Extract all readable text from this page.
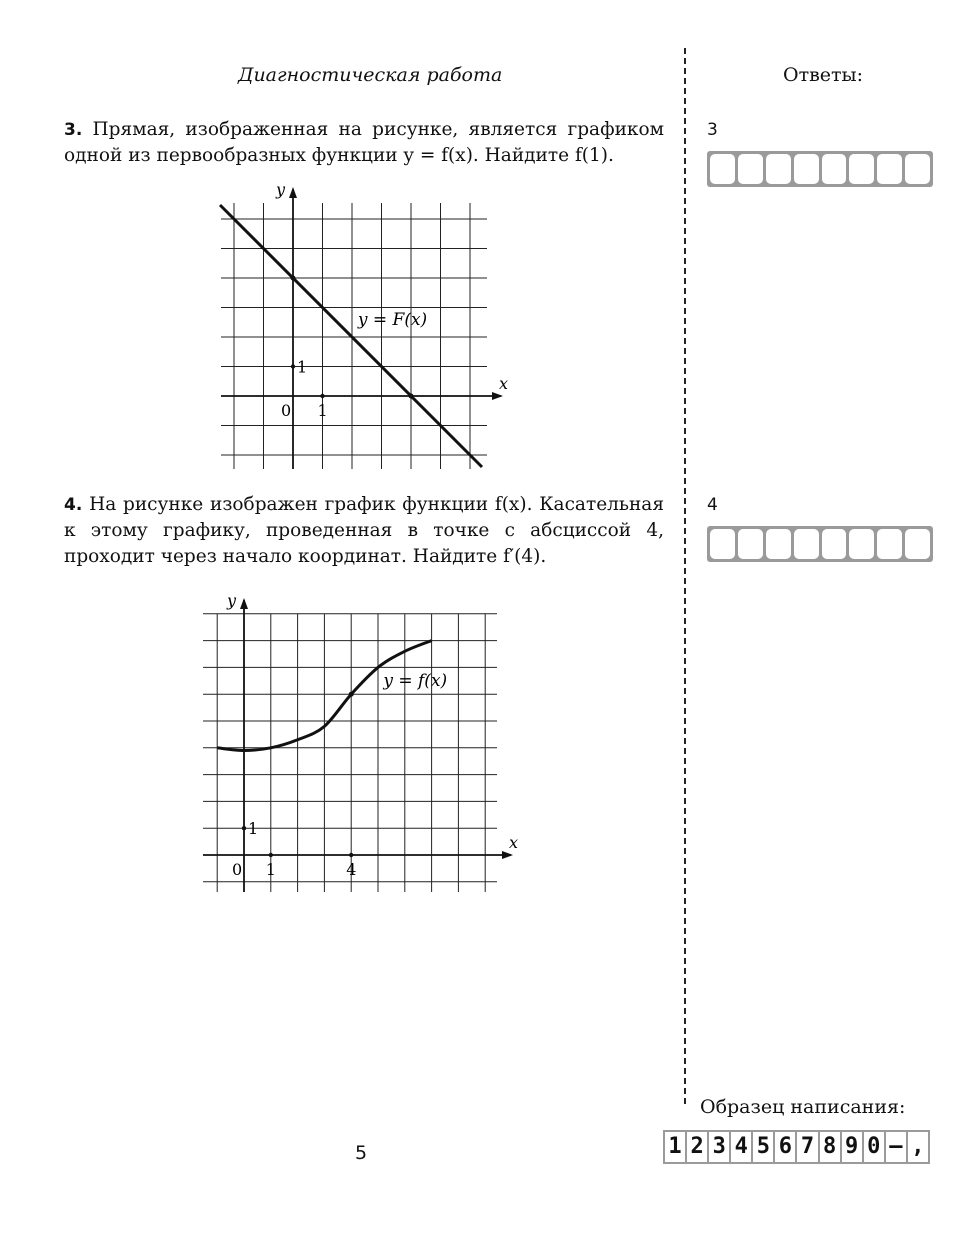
Диагностическая работа	Ответы:
3. Прямая, изображенная на рисунке, является графиком одной из первообразных функции y = f(x). Найдите f(1).
x
y
0 1
1
y = F(x)
4. На рисунке изображен график функции f(x). Касательная к этому графику, проведенная в точке с абсциссой 4, проходит через начало координат. Найдите f′(4).
x
y
0 1
1
4
y = f(x)
3
4
Образец написания:
1 2 3 4 5 6 7 8 9 0 – ,
5
